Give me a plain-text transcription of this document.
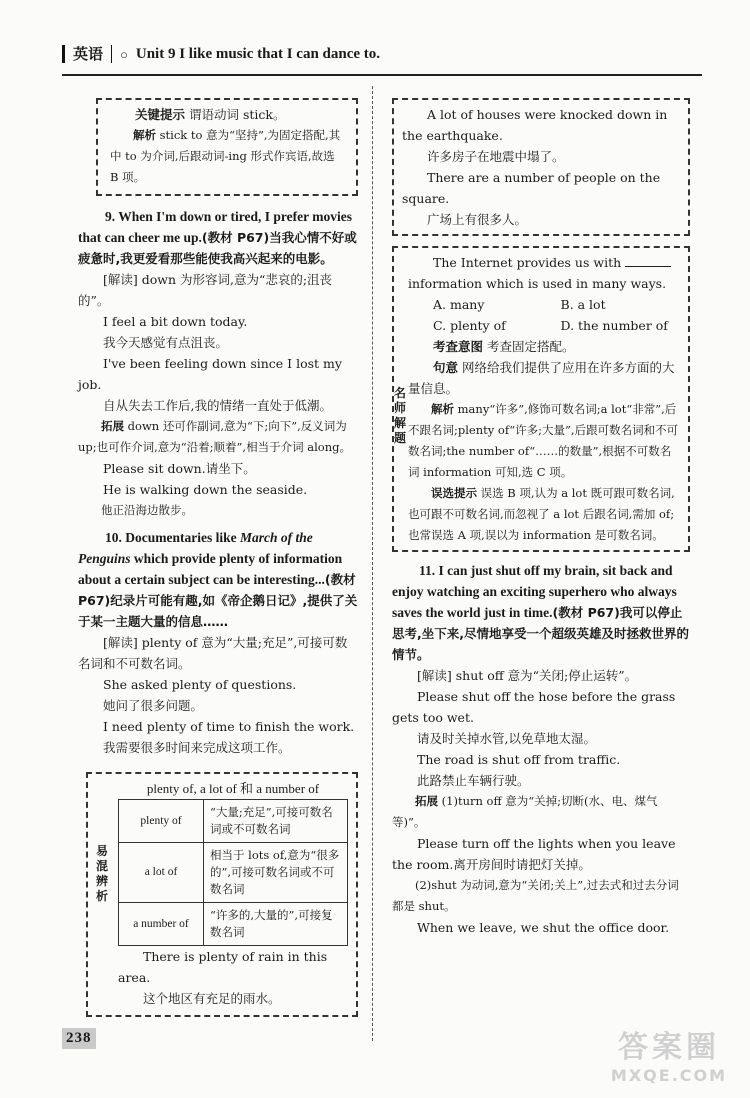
英语 ○ Unit 9 I like music that I can dance to.

关键提示 谓语动词 stick。

解析 stick to 意为“坚持”,为固定搭配,其中 to 为介词,后跟动词-ing 形式作宾语,故选 B 项。

9. When I'm down or tired, I prefer movies that can cheer me up.(教材 P67)当我心情不好或疲惫时,我更爱看那些能使我高兴起来的电影。

[解读] down 为形容词,意为“悲哀的;沮丧的”。

I feel a bit down today.

我今天感觉有点沮丧。

I've been feeling down since I lost my job.

自从失去工作后,我的情绪一直处于低潮。

拓展 down 还可作副词,意为“下;向下”,反义词为 up;也可作介词,意为“沿着;顺着”,相当于介词 along。

Please sit down.请坐下。

He is walking down the seaside.

他正沿海边散步。

10. Documentaries like March of the Penguins which provide plenty of information about a certain subject can be interesting...(教材 P67)纪录片可能有趣,如《帝企鹅日记》,提供了关于某一主题大量的信息……

[解读] plenty of 意为“大量;充足”,可接可数名词和不可数名词。

She asked plenty of questions.

她问了很多问题。

I need plenty of time to finish the work.

我需要很多时间来完成这项工作。

易混辨析

plenty of, a lot of 和 a number of

plenty of	“大量;充足”,可接可数名词或不可数名词
a lot of	相当于 lots of,意为“很多的”,可接可数名词或不可数名词
a number of	“许多的,大量的”,可接复数名词

There is plenty of rain in this area.

这个地区有充足的雨水。

A lot of houses were knocked down in the earthquake.

许多房子在地震中塌了。

There are a number of people on the square.

广场上有很多人。

名师解题

The Internet provides us with  information which is used in many ways.

A. many	B. a lot
C. plenty of	D. the number of

考查意图 考查固定搭配。

句意 网络给我们提供了应用在许多方面的大量信息。

解析 many“许多”,修饰可数名词;a lot“非常”,后不跟名词;plenty of“许多;大量”,后跟可数名词和不可数名词;the number of“……的数量”,根据不可数名词 information 可知,选 C 项。

误选提示 误选 B 项,认为 a lot 既可跟可数名词,也可跟不可数名词,而忽视了 a lot 后跟名词,需加 of;也常误选 A 项,误以为 information 是可数名词。

11. I can just shut off my brain, sit back and enjoy watching an exciting superhero who always saves the world just in time.(教材 P67)我可以停止思考,坐下来,尽情地享受一个超级英雄及时拯救世界的情节。

[解读] shut off 意为“关闭;停止运转”。

Please shut off the hose before the grass gets too wet.

请及时关掉水管,以免草地太湿。

The road is shut off from traffic.

此路禁止车辆行驶。

拓展 (1)turn off 意为“关掉;切断(水、电、煤气等)”。

Please turn off the lights when you leave the room.离开房间时请把灯关掉。

(2)shut 为动词,意为“关闭;关上”,过去式和过去分词都是 shut。

When we leave, we shut the office door.

238	答案圈
MXQE.COM
